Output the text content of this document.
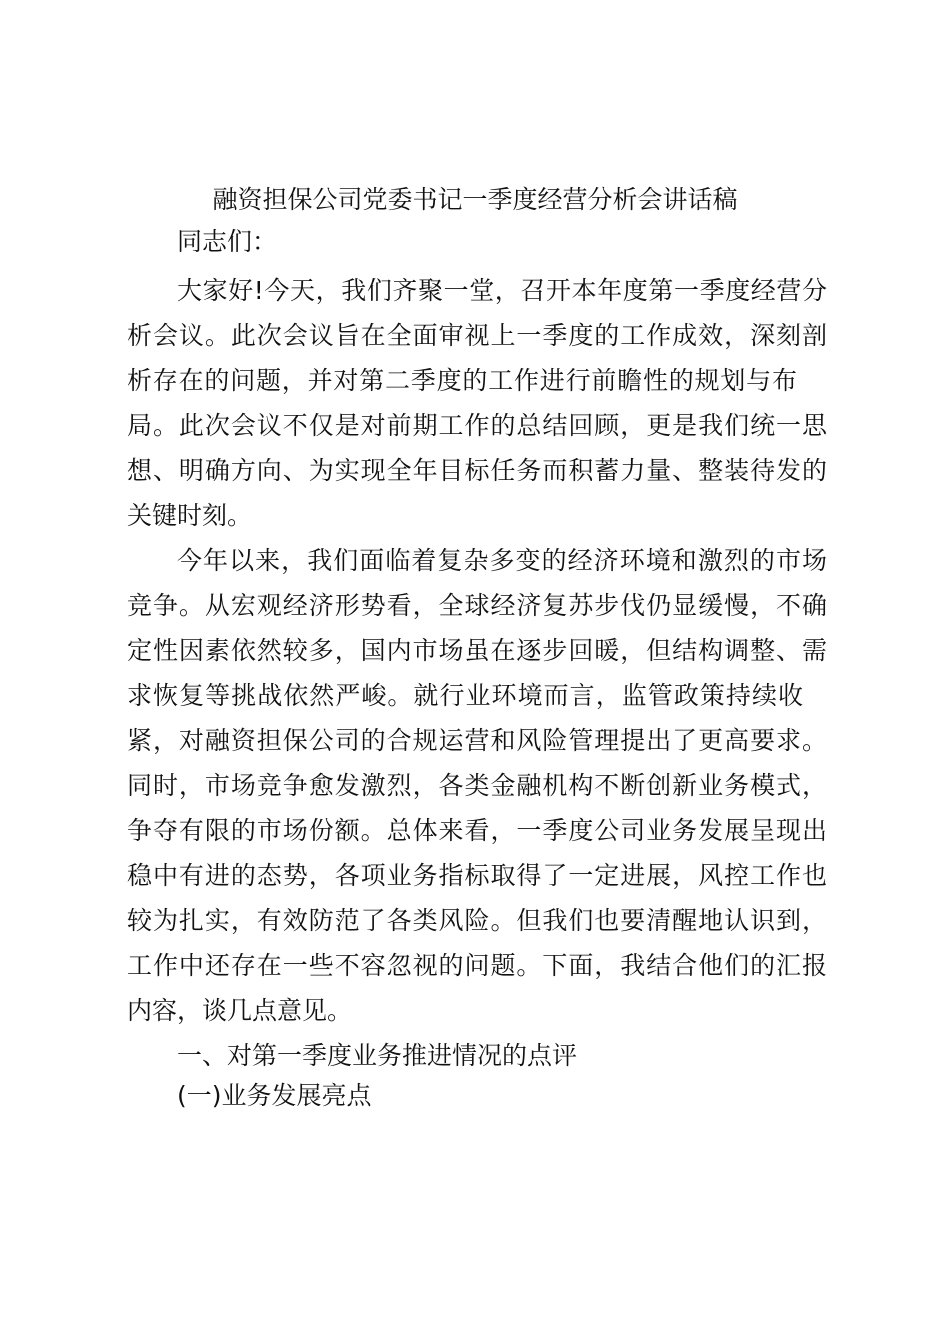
融资担保公司党委书记一季度经营分析会讲话稿
同志们：
大家好!今天，我们齐聚一堂，召开本年度第一季度经营分
析会议。此次会议旨在全面审视上一季度的工作成效，深刻剖
析存在的问题，并对第二季度的工作进行前瞻性的规划与布
局。此次会议不仅是对前期工作的总结回顾，更是我们统一思
想、明确方向、为实现全年目标任务而积蓄力量、整装待发的
关键时刻。
今年以来，我们面临着复杂多变的经济环境和激烈的市场
竞争。从宏观经济形势看，全球经济复苏步伐仍显缓慢，不确
定性因素依然较多，国内市场虽在逐步回暖，但结构调整、需
求恢复等挑战依然严峻。就行业环境而言，监管政策持续收
紧，对融资担保公司的合规运营和风险管理提出了更高要求。
同时，市场竞争愈发激烈，各类金融机构不断创新业务模式，
争夺有限的市场份额。总体来看，一季度公司业务发展呈现出
稳中有进的态势，各项业务指标取得了一定进展，风控工作也
较为扎实，有效防范了各类风险。但我们也要清醒地认识到，
工作中还存在一些不容忽视的问题。下面，我结合他们的汇报
内容，谈几点意见。
一、对第一季度业务推进情况的点评
(一)业务发展亮点
